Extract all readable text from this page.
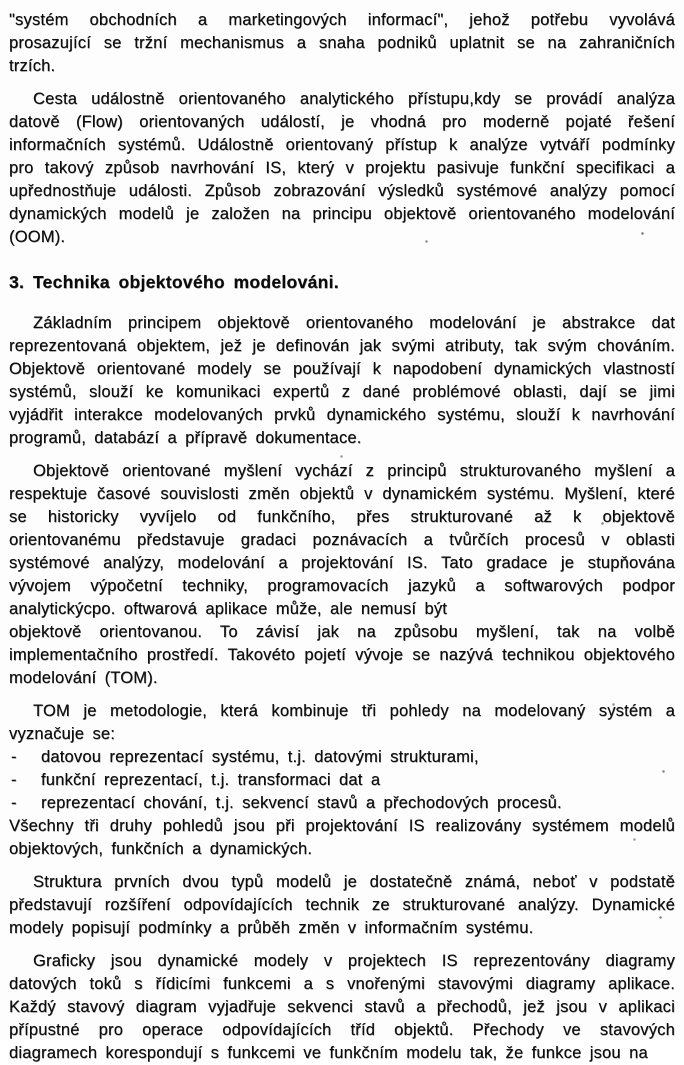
"systém obchodních a marketingových informací", jehož potřebu vyvolává prosazující se tržní mechanismus a snaha podniků uplatnit se na zahraničních trzích.

Cesta událostně orientovaného analytického přístupu,kdy se provádí analýza datově (Flow) orientovaných událostí, je vhodná pro moderně pojaté řešení informačních systémů. Událostně orientovaný přístup k analýze vytváří podmínky pro takový způsob navrhování IS, který v projektu pasivuje funkční specifikaci a upřednostňuje události. Způsob zobrazování výsledků systémové analýzy pomocí dynamických modelů je založen na principu objektově orientovaného modelování (OOM).

3. Technika objektového modelováni.

Základním principem objektově orientovaného modelování je abstrakce dat reprezentovaná objektem, jež je definován jak svými atributy, tak svým chováním. Objektově orientované modely se používají k napodobení dynamických vlastností systémů, slouží ke komunikaci expertů z dané problémové oblasti, dají se jimi vyjádřit interakce modelovaných prvků dynamického systému, slouží k navrhování programů, databází a přípravě dokumentace.

Objektově orientované myšlení vychází z principů strukturovaného myšlení a respektuje časové souvislosti změn objektů v dynamickém systému. Myšlení, které se historicky vyvíjelo od funkčního, přes strukturované až k objektově orientovanému představuje gradaci poznávacích a tvůrčích procesů v oblasti systémové analýzy, modelování a projektování IS. Tato gradace je stupňována vývojem výpočetní techniky, programovacích jazyků a softwarových podpor analytickýcpo. oftwarová aplikace může, ale nemusí být

objektově orientovanou. To závisí jak na způsobu myšlení, tak na volbě implementačního prostředí. Takovéto pojetí vývoje se nazývá technikou objektového modelování (TOM).

TOM je metodologie, která kombinuje tři pohledy na modelovaný systém a vyznačuje se:

-	datovou reprezentací systému, t.j. datovými strukturami,
-	funkční reprezentací, t.j. transformaci dat a
-	reprezentací chování, t.j. sekvencí stavů a přechodových procesů.

Všechny tři druhy pohledů jsou při projektování IS realizovány systémem modelů objektových, funkčních a dynamických.

Struktura prvních dvou typů modelů je dostatečně známá, neboť v podstatě představují rozšíření odpovídajících technik ze strukturované analýzy. Dynamické modely popisují podmínky a průběh změn v informačním systému.

Graficky jsou dynamické modely v projektech IS reprezentovány diagramy datových toků s řídicími funkcemi a s vnořenými stavovými diagramy aplikace. Každý stavový diagram vyjadřuje sekvenci stavů a přechodů, jež jsou v aplikaci přípustné pro operace odpovídajících tříd objektů. Přechody ve stavových diagramech korespondují s funkcemi ve funkčním modelu tak, že funkce jsou na
